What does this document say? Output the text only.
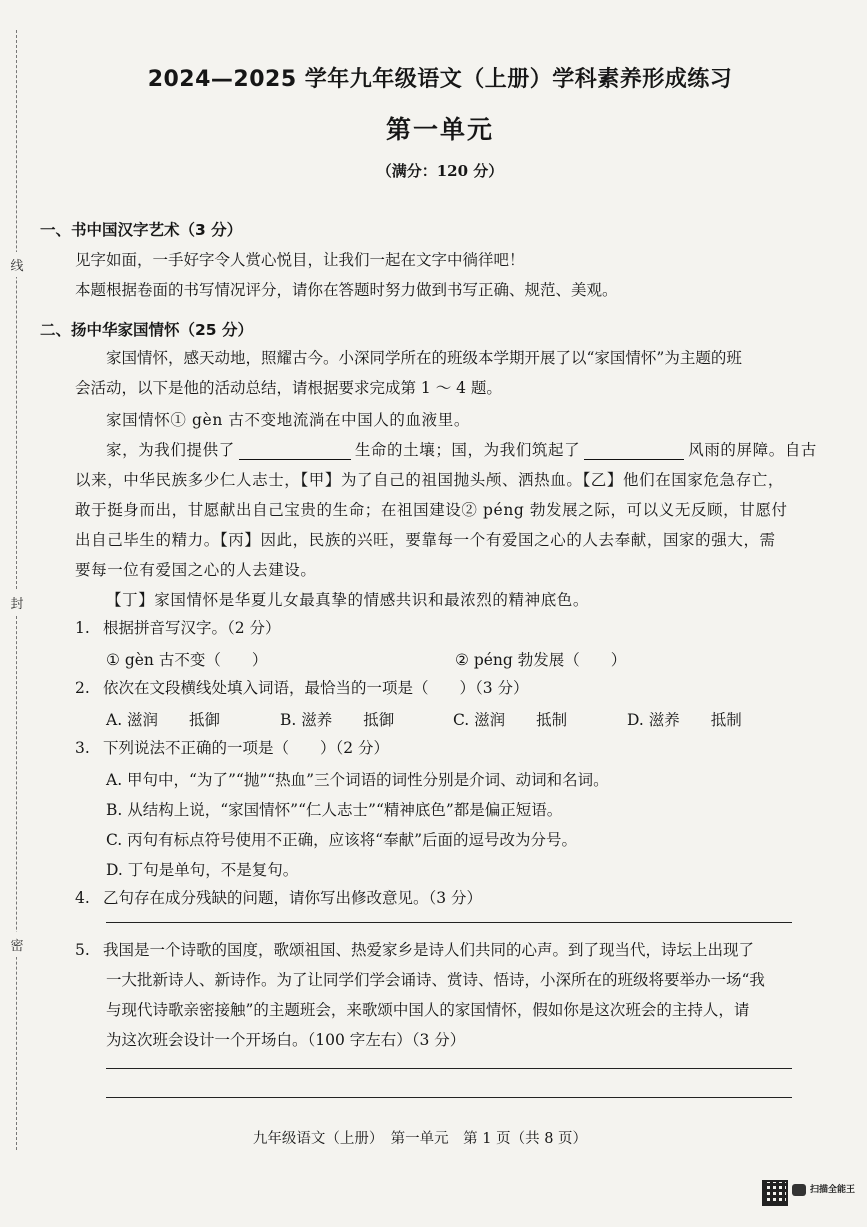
线
封
密
2024—2025 学年九年级语文（上册）学科素养形成练习
第一单元
（满分：120 分）
一、书中国汉字艺术（3 分）
见字如面，一手好字令人赏心悦目，让我们一起在文字中徜徉吧！
本题根据卷面的书写情况评分，请你在答题时努力做到书写正确、规范、美观。
二、扬中华家国情怀（25 分）
家国情怀，感天动地，照耀古今。小深同学所在的班级本学期开展了以“家国情怀”为主题的班
会活动，以下是他的活动总结，请根据要求完成第 1 ～ 4 题。
家国情怀① gèn 古不变地流淌在中国人的血液里。
家，为我们提供了	生命的土壤；国，为我们筑起了	风雨的屏障。自古
以来，中华民族多少仁人志士，【甲】为了自己的祖国抛头颅、洒热血。【乙】他们在国家危急存亡，
敢于挺身而出，甘愿献出自己宝贵的生命；在祖国建设② péng 勃发展之际，可以义无反顾，甘愿付
出自己毕生的精力。【丙】因此，民族的兴旺，要靠每一个有爱国之心的人去奉献，国家的强大，需
要每一位有爱国之心的人去建设。
【丁】家国情怀是华夏儿女最真挚的情感共识和最浓烈的精神底色。
1. 根据拼音写汉字。（2 分）
① gèn 古不变（　　）	② péng 勃发展（　　）
2. 依次在文段横线处填入词语，最恰当的一项是（　　）（3 分）
A. 滋润　　抵御	B. 滋养　　抵御	C. 滋润　　抵制	D. 滋养　　抵制
3. 下列说法不正确的一项是（　　）（2 分）
A. 甲句中，“为了”“抛”“热血”三个词语的词性分别是介词、动词和名词。
B. 从结构上说，“家国情怀”“仁人志士”“精神底色”都是偏正短语。
C. 丙句有标点符号使用不正确，应该将“奉献”后面的逗号改为分号。
D. 丁句是单句，不是复句。
4. 乙句存在成分残缺的问题，请你写出修改意见。（3 分）
5. 我国是一个诗歌的国度，歌颂祖国、热爱家乡是诗人们共同的心声。到了现当代，诗坛上出现了
一大批新诗人、新诗作。为了让同学们学会诵诗、赏诗、悟诗，小深所在的班级将要举办一场“我
与现代诗歌亲密接触”的主题班会，来歌颂中国人的家国情怀，假如你是这次班会的主持人，请
为这次班会设计一个开场白。（100 字左右）（3 分）
九年级语文（上册）　第一单元　第 1 页（共 8 页）
扫描全能王
